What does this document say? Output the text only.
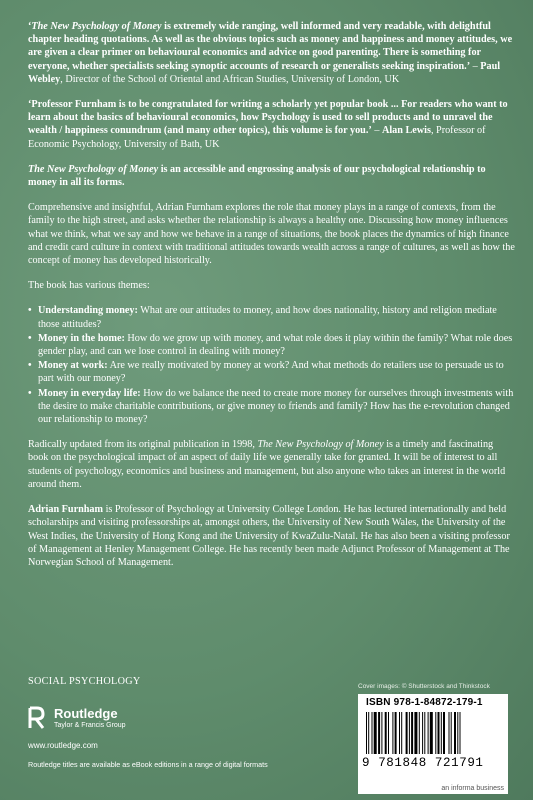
‘The New Psychology of Money is extremely wide ranging, well informed and very readable, with delightful chapter heading quotations. As well as the obvious topics such as money and happiness and money attitudes, we are given a clear primer on behavioural economics and advice on good parenting. There is something for everyone, whether specialists seeking synoptic accounts of research or generalists seeking inspiration.’ – Paul Webley, Director of the School of Oriental and African Studies, University of London, UK

‘Professor Furnham is to be congratulated for writing a scholarly yet popular book ... For readers who want to learn about the basics of behavioural economics, how Psychology is used to sell products and to unravel the wealth / happiness conundrum (and many other topics), this volume is for you.’ – Alan Lewis, Professor of Economic Psychology, University of Bath, UK

The New Psychology of Money is an accessible and engrossing analysis of our psychological relationship to money in all its forms.

Comprehensive and insightful, Adrian Furnham explores the role that money plays in a range of contexts, from the family to the high street, and asks whether the relationship is always a healthy one. Discussing how money influences what we think, what we say and how we behave in a range of situations, the book places the dynamics of high finance and credit card culture in context with traditional attitudes towards wealth across a range of cultures, as well as how the concept of money has developed historically.

The book has various themes:

• Understanding money: What are our attitudes to money, and how does nationality, history and religion mediate those attitudes?
• Money in the home: How do we grow up with money, and what role does it play within the family? What role does gender play, and can we lose control in dealing with money?
• Money at work: Are we really motivated by money at work? And what methods do retailers use to persuade us to part with our money?
• Money in everyday life: How do we balance the need to create more money for ourselves through investments with the desire to make charitable contributions, or give money to friends and family? How has the e-revolution changed our relationship to money?

Radically updated from its original publication in 1998, The New Psychology of Money is a timely and fascinating book on the psychological impact of an aspect of daily life we generally take for granted. It will be of interest to all students of psychology, economics and business and management, but also anyone who takes an interest in the world around them.

Adrian Furnham is Professor of Psychology at University College London. He has lectured internationally and held scholarships and visiting professorships at, amongst others, the University of New South Wales, the University of the West Indies, the University of Hong Kong and the University of KwaZulu-Natal. He has also been a visiting professor of Management at Henley Management College. He has recently been made Adjunct Professor of Management at The Norwegian School of Management.

SOCIAL PSYCHOLOGY
Routledge
Taylor & Francis Group
www.routledge.com
Routledge titles are available as eBook editions in a range of digital formats
Cover images: © Shutterstock and Thinkstock
ISBN 978-1-84872-179-1
9 781848 721791
an informa business
